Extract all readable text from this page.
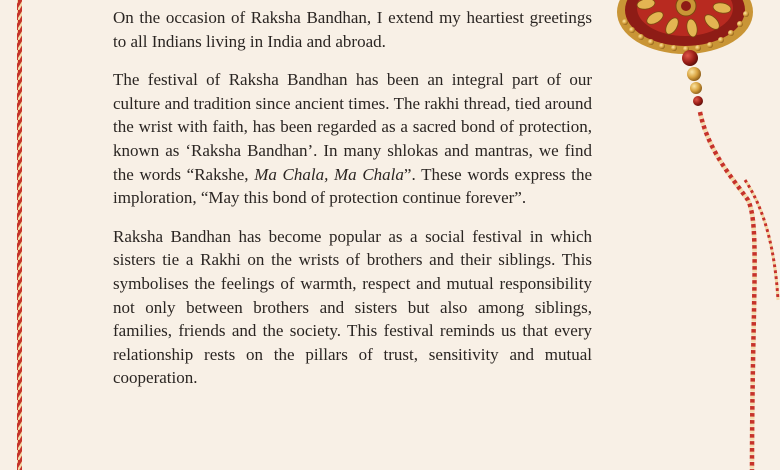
On the occasion of Raksha Bandhan, I extend my heartiest greetings to all Indians living in India and abroad.

The festival of Raksha Bandhan has been an integral part of our culture and tradition since ancient times. The rakhi thread, tied around the wrist with faith, has been regarded as a sacred bond of protection, known as ‘Raksha Bandhan’. In many shlokas and mantras, we find the words “Rakshe, Ma Chala, Ma Chala”. These words express the imploration, “May this bond of protection continue forever”.

Raksha Bandhan has become popular as a social festival in which sisters tie a Rakhi on the wrists of brothers and their siblings. This symbolises the feelings of warmth, respect and mutual responsibility not only between brothers and sisters but also among siblings, families, friends and the society. This festival reminds us that every relationship rests on the pillars of trust, sensitivity and mutual cooperation.
